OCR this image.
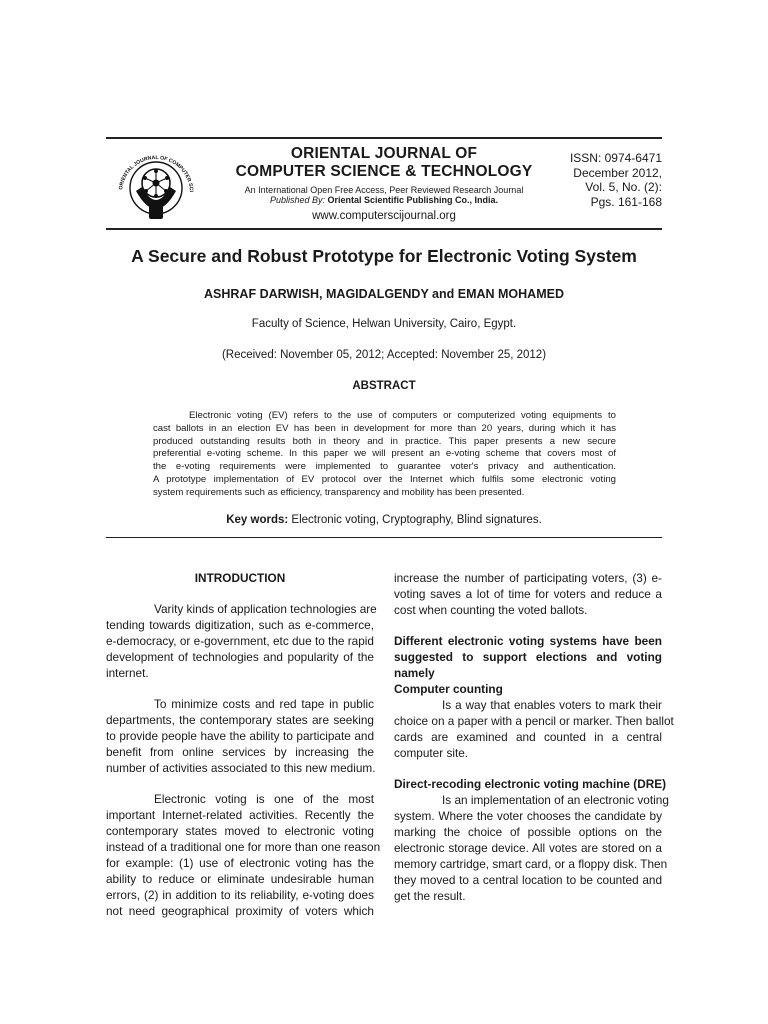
ORIENTAL JOURNAL OF COMPUTER SCI
ORIENTAL JOURNAL OF
COMPUTER SCIENCE & TECHNOLOGY
An International Open Free Access, Peer Reviewed Research Journal
Published By: Oriental Scientific Publishing Co., India.
www.computerscijournal.org
ISSN: 0974-6471
December 2012,
Vol. 5, No. (2):
Pgs. 161-168
A Secure and Robust Prototype for Electronic Voting System
ASHRAF DARWISH, MAGIDALGENDY and EMAN MOHAMED
Faculty of Science, Helwan University, Cairo, Egypt.
(Received: November 05, 2012; Accepted: November 25, 2012)
ABSTRACT
Electronic voting (EV) refers to the use of computers or computerized voting equipments to
cast ballots in an election EV has been in development for more than 20 years, during which it has
produced outstanding results both in theory and in practice. This paper presents a new secure
preferential e-voting scheme. In this paper we will present an e-voting scheme that covers most of
the e-voting requirements were implemented to guarantee voter's privacy and authentication.
A prototype implementation of EV protocol over the Internet which fulfils some electronic voting
system requirements such as efficiency, transparency and mobility has been presented.
Key words: Electronic voting, Cryptography, Blind signatures.
INTRODUCTION
Varity kinds of application technologies are
tending towards digitization, such as e-commerce,
e-democracy, or e-government, etc due to the rapid
development of technologies and popularity of the
internet.
To minimize costs and red tape in public
departments, the contemporary states are seeking
to provide people have the ability to participate and
benefit from online services by increasing the
number of activities associated to this new medium.
Electronic voting is one of the most
important Internet-related activities. Recently the
contemporary states moved to electronic voting
instead of a traditional one for more than one reason
for example: (1) use of electronic voting has the
ability to reduce or eliminate undesirable human
errors, (2) in addition to its reliability, e-voting does
not need geographical proximity of voters which
increase the number of participating voters, (3) e-
voting saves a lot of time for voters and reduce a
cost when counting the voted ballots.
Different electronic voting systems have been
suggested to support elections and voting
namely
Computer counting
Is a way that enables voters to mark their
choice on a paper with a pencil or marker. Then ballot
cards are examined and counted in a central
computer site.
Direct-recoding electronic voting machine (DRE)
Is an implementation of an electronic voting
system. Where the voter chooses the candidate by
marking the choice of possible options on the
electronic storage device. All votes are stored on a
memory cartridge, smart card, or a floppy disk. Then
they moved to a central location to be counted and
get the result.
